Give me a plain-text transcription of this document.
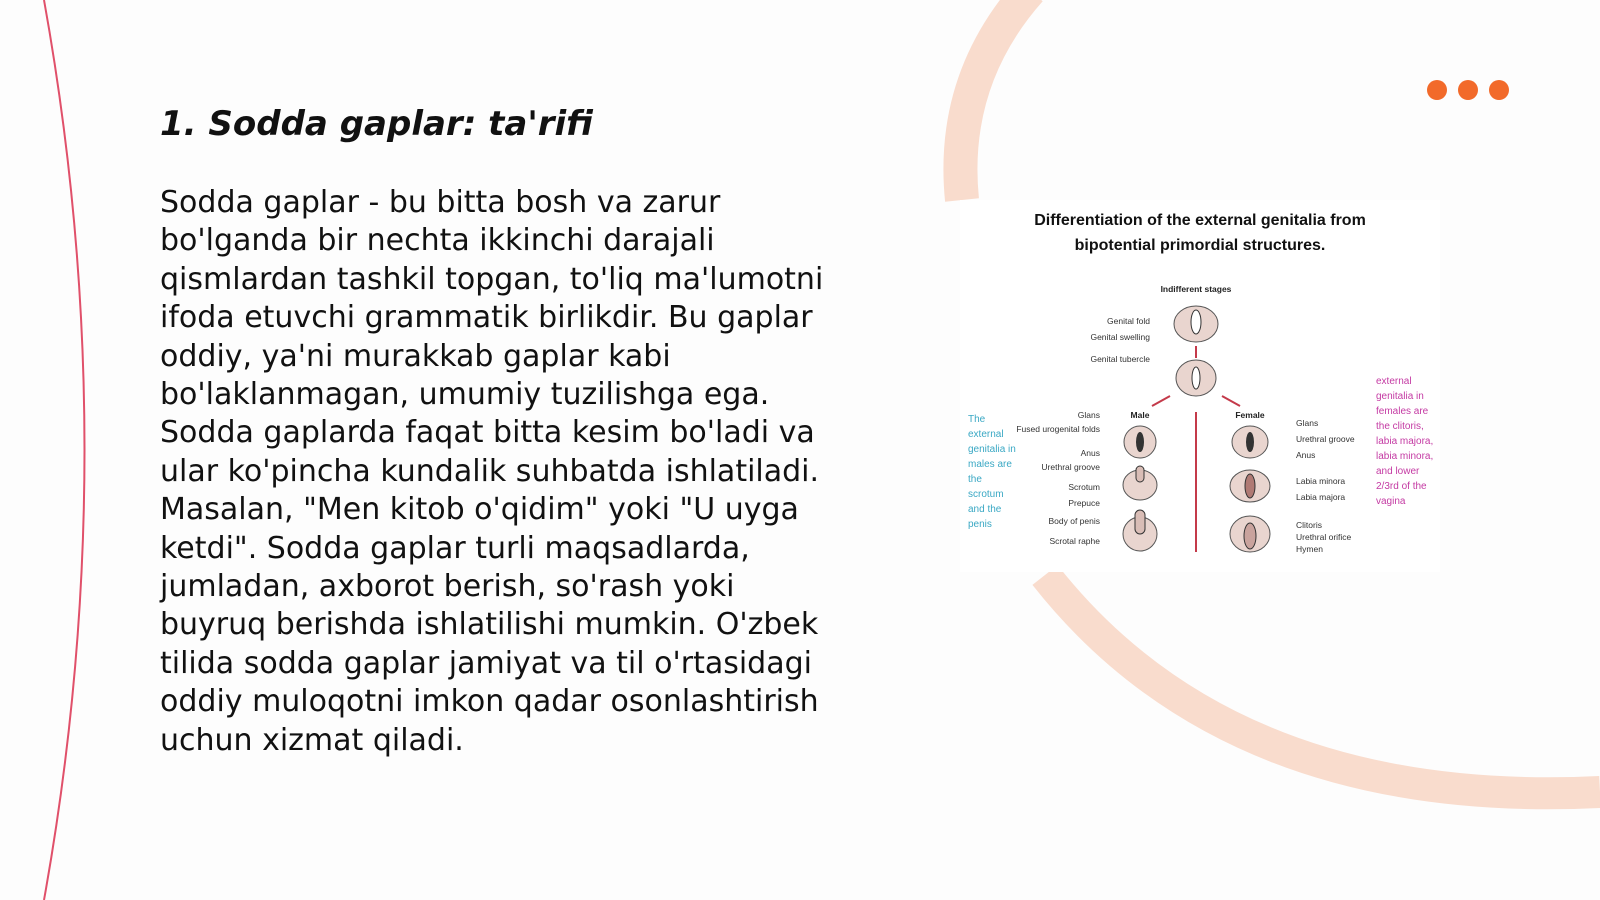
1. Sodda gaplar: ta'rifi

Sodda gaplar - bu bitta bosh va zarur bo'lganda bir nechta ikkinchi darajali qismlardan tashkil topgan, to'liq ma'lumotni ifoda etuvchi grammatik birlikdir. Bu gaplar oddiy, ya'ni murakkab gaplar kabi bo'laklanmagan, umumiy tuzilishga ega. Sodda gaplarda faqat bitta kesim bo'ladi va ular ko'pincha kundalik suhbatda ishlatiladi. Masalan, "Men kitob o'qidim" yoki "U uyga ketdi". Sodda gaplar turli maqsadlarda, jumladan, axborot berish, so'rash yoki buyruq berishda ishlatilishi mumkin. O'zbek tilida sodda gaplar jamiyat va til o'rtasidagi oddiy muloqotni imkon qadar osonlashtirish uchun xizmat qiladi.

Differentiation of the external genitalia from
bipotential primordial structures.

Indifferent stages
Genital fold
Genital swelling
Genital tubercle
Male
Glans
Fused urogenital folds
Anus
Urethral groove
Scrotum
Prepuce
Body of penis
Scrotal raphe
Female
Glans
Urethral groove
Anus
Labia minora
Labia majora
Clitoris
Urethral orifice
Hymen

The external genitalia in males are the scrotum and the penis

external genitalia in females are the clitoris, labia majora, labia minora, and lower 2/3rd of the vagina
